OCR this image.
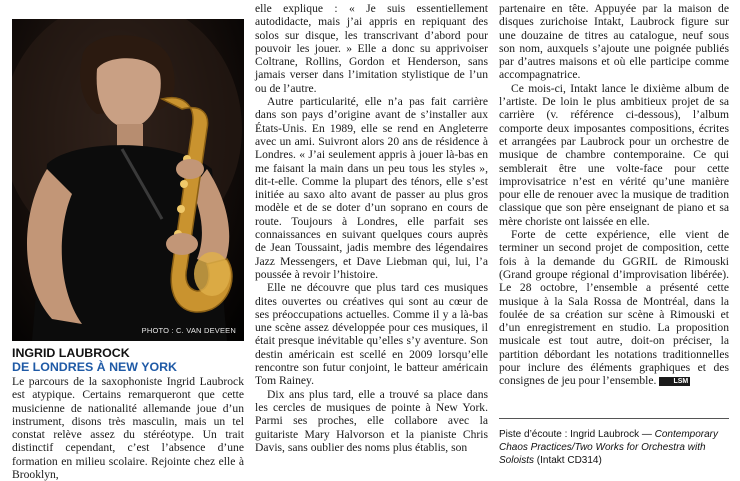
PHOTO : C. VAN DEVEEN
INGRID LAUBROCK
DE LONDRES À NEW YORK

Le parcours de la saxophoniste Ingrid Laubrock est atypique. Certains remarqueront que cette musicienne de nationalité allemande joue d’un instrument, disons très masculin, mais un tel constat relève assez du stéréotype. Un trait distinctif cependant, c’est l’absence d’une formation en milieu scolaire. Rejointe chez elle à Brooklyn,

elle explique : « Je suis essentiellement autodidacte, mais j’ai appris en repiquant des solos sur disque, les transcrivant d’abord pour pouvoir les jouer. » Elle a donc su apprivoiser Coltrane, Rollins, Gordon et Henderson, sans jamais verser dans l’imitation stylistique de l’un ou de l’autre.

Autre particularité, elle n’a pas fait carrière dans son pays d’origine avant de s’installer aux États-Unis. En 1989, elle se rend en Angleterre avec un ami. Suivront alors 20 ans de résidence à Londres. « J’ai seulement appris à jouer là-bas en me faisant la main dans un peu tous les styles », dit-t-elle. Comme la plupart des ténors, elle s’est initiée au saxo alto avant de passer au plus gros modèle et de se doter d’un soprano en cours de route. Toujours à Londres, elle parfait ses connaissances en suivant quelques cours auprès de Jean Toussaint, jadis membre des légendaires Jazz Messengers, et Dave Liebman qui, lui, l’a poussée à revoir l’histoire.

Elle ne découvre que plus tard ces musiques dites ouvertes ou créatives qui sont au cœur de ses préoccupations actuelles. Comme il y a là-bas une scène assez développée pour ces musiques, il était presque inévitable qu’elles s’y aventure. Son destin américain est scellé en 2009 lorsqu’elle rencontre son futur conjoint, le batteur américain Tom Rainey.

Dix ans plus tard, elle a trouvé sa place dans les cercles de musiques de pointe à New York. Parmi ses proches, elle collabore avec la guitariste Mary Halvorson et la pianiste Chris Davis, sans oublier des noms plus établis, son

partenaire en tête. Appuyée par la maison de disques zurichoise Intakt, Laubrock figure sur une douzaine de titres au catalogue, neuf sous son nom, auxquels s’ajoute une poignée publiés par d’autres maisons et où elle participe comme accompagnatrice.

Ce mois-ci, Intakt lance le dixième album de l’artiste. De loin le plus ambitieux projet de sa carrière (v. référence ci-dessous), l’album comporte deux imposantes compositions, écrites et arrangées par Laubrock pour un orchestre de musique de chambre contemporaine. Ce qui semblerait être une volte-face pour cette improvisatrice n’est en vérité qu’une manière pour elle de renouer avec la musique de tradition classique que son père enseignant de piano et sa mère choriste ont laissée en elle.

Forte de cette expérience, elle vient de terminer un second projet de composition, cette fois à la demande du GGRIL de Rimouski (Grand groupe régional d’improvisation libérée). Le 28 octobre, l’ensemble a présenté cette musique à la Sala Rossa de Montréal, dans la foulée de sa création sur scène à Rimouski et d’un enregistrement en studio. La proposition musicale est tout autre, doit-on préciser, la partition débordant les notations traditionnelles pour inclure des éléments graphiques et des consignes de jeu pour l’ensemble. LSM

Piste d’écoute : Ingrid Laubrock — Contemporary Chaos Practices/Two Works for Orchestra with Soloists (Intakt CD314)
